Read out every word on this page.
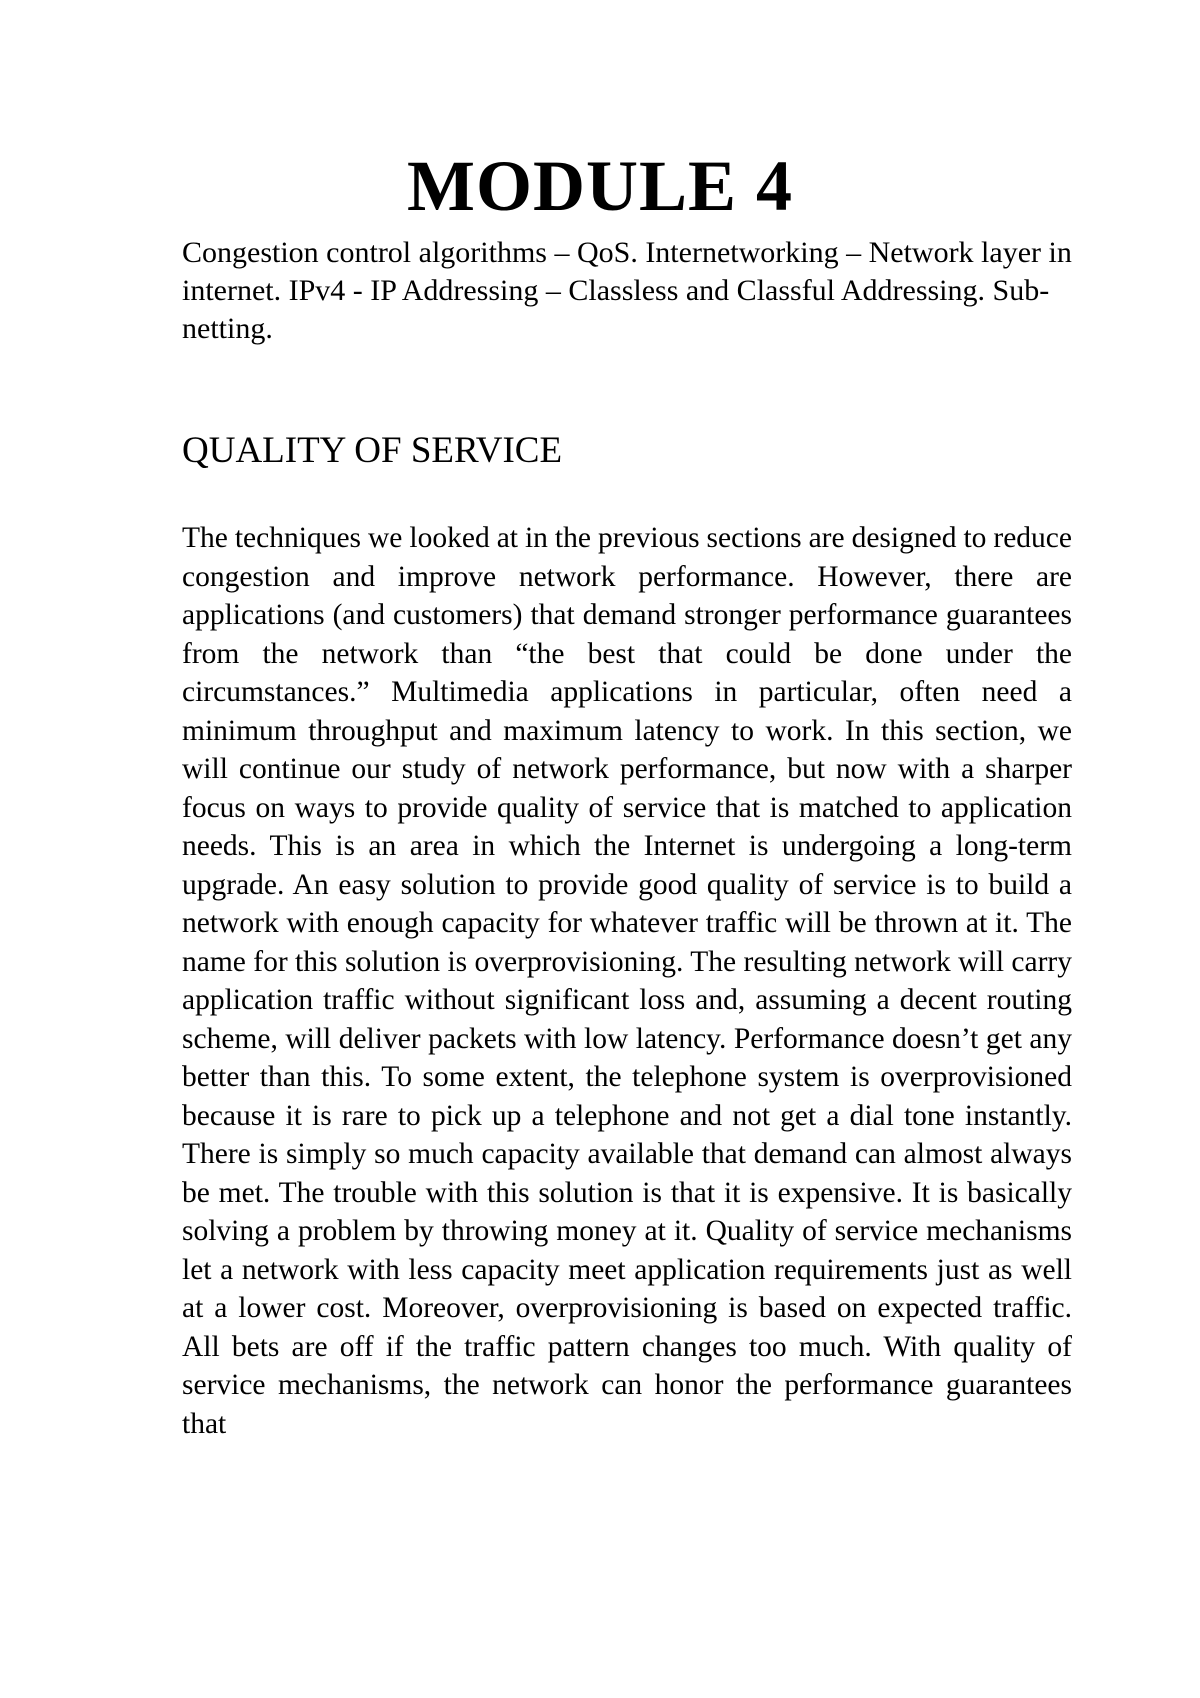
MODULE 4

Congestion control algorithms – QoS. Internetworking – Network layer in internet. IPv4 - IP Addressing – Classless and Classful Addressing. Sub-netting.

QUALITY OF SERVICE

The techniques we looked at in the previous sections are designed to reduce congestion and improve network performance. However, there are applications (and customers) that demand stronger performance guarantees from the network than “the best that could be done under the circumstances.” Multimedia applications in particular, often need a minimum throughput and maximum latency to work. In this section, we will continue our study of network performance, but now with a sharper focus on ways to provide quality of service that is matched to application needs. This is an area in which the Internet is undergoing a long-term upgrade. An easy solution to provide good quality of service is to build a network with enough capacity for whatever traffic will be thrown at it. The name for this solution is overprovisioning. The resulting network will carry application traffic without significant loss and, assuming a decent routing scheme, will deliver packets with low latency. Performance doesn’t get any better than this. To some extent, the telephone system is overprovisioned because it is rare to pick up a telephone and not get a dial tone instantly. There is simply so much capacity available that demand can almost always be met. The trouble with this solution is that it is expensive. It is basically solving a problem by throwing money at it. Quality of service mechanisms let a network with less capacity meet application requirements just as well at a lower cost. Moreover, overprovisioning is based on expected traffic. All bets are off if the traffic pattern changes too much. With quality of service mechanisms, the network can honor the performance guarantees that
